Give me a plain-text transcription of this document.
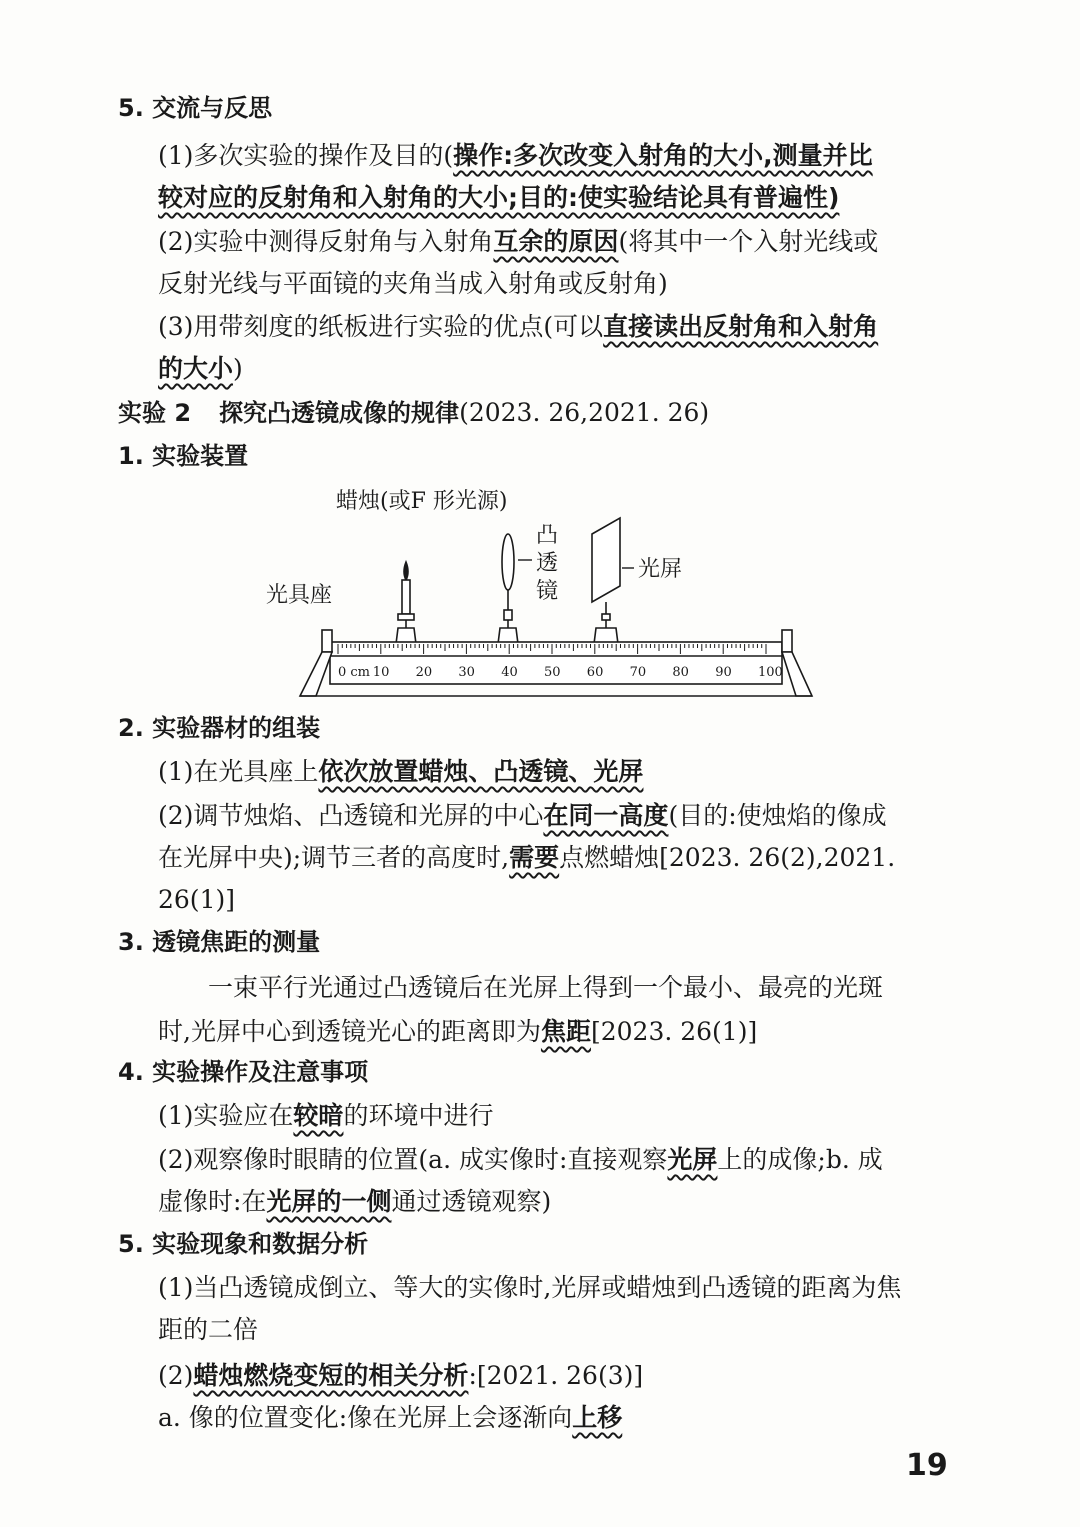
5. 交流与反思
(1)多次实验的操作及目的(操作:多次改变入射角的大小,测量并比
较对应的反射角和入射角的大小;目的:使实验结论具有普遍性)
(2)实验中测得反射角与入射角互余的原因(将其中一个入射光线或
反射光线与平面镜的夹角当成入射角或反射角)
(3)用带刻度的纸板进行实验的优点(可以直接读出反射角和入射角
的大小)
实验 2 探究凸透镜成像的规律(2023. 26,2021. 26)
1. 实验装置
蜡烛(或F 形光源)
光具座
凸
透
镜
光屏
0 cm 10 20 30 40 50 60 70 80 90 100
2. 实验器材的组装
(1)在光具座上依次放置蜡烛、凸透镜、光屏
(2)调节烛焰、凸透镜和光屏的中心在同一高度(目的:使烛焰的像成
在光屏中央);调节三者的高度时,需要点燃蜡烛[2023. 26(2),2021.
26(1)]
3. 透镜焦距的测量
一束平行光通过凸透镜后在光屏上得到一个最小、最亮的光斑
时,光屏中心到透镜光心的距离即为焦距[2023. 26(1)]
4. 实验操作及注意事项
(1)实验应在较暗的环境中进行
(2)观察像时眼睛的位置(a. 成实像时:直接观察光屏上的成像;b. 成
虚像时:在光屏的一侧通过透镜观察)
5. 实验现象和数据分析
(1)当凸透镜成倒立、等大的实像时,光屏或蜡烛到凸透镜的距离为焦
距的二倍
(2)蜡烛燃烧变短的相关分析:[2021. 26(3)]
a. 像的位置变化:像在光屏上会逐渐向上移
19
